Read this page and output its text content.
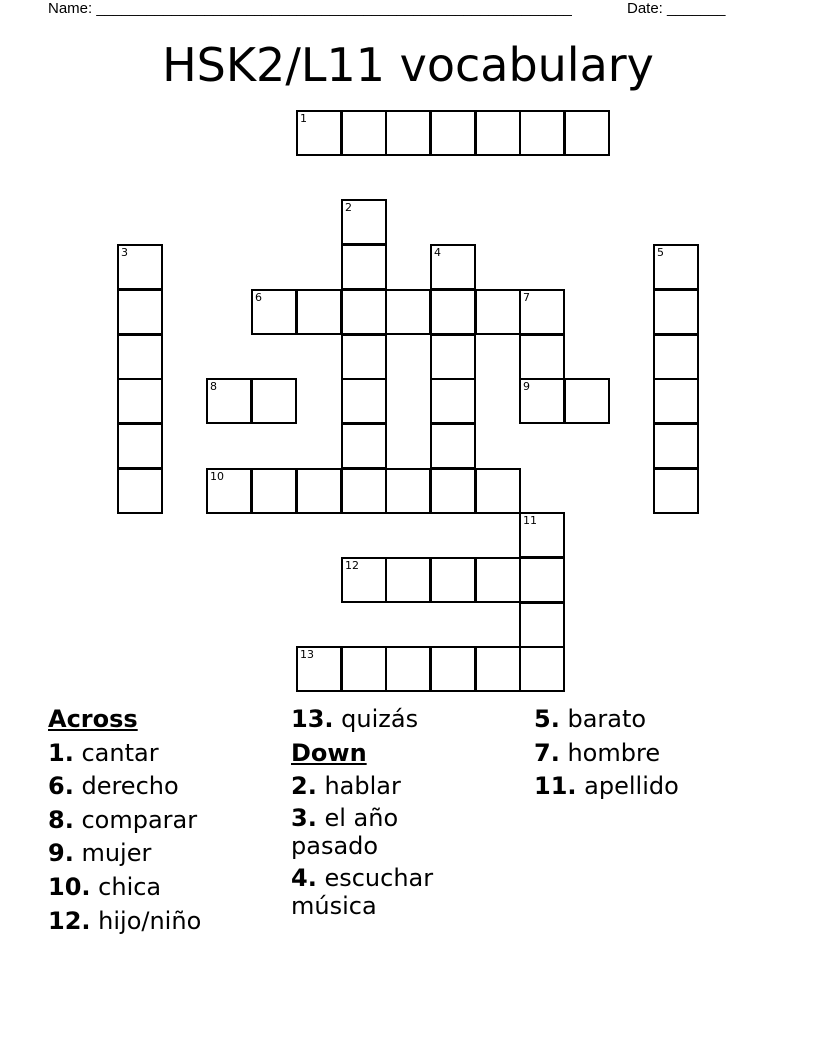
Name: _________________________________________________________	Date: _______
HSK2/L11 vocabulary
1
2
3	4	5
6	7
9
8
10
11
12
13
Across
1. cantar
6. derecho
8. comparar
9. mujer
10. chica
12. hijo/niño
13. quizás
Down
2. hablar
3. el año
pasado
4. escuchar
música
5. barato
7. hombre
11. apellido
